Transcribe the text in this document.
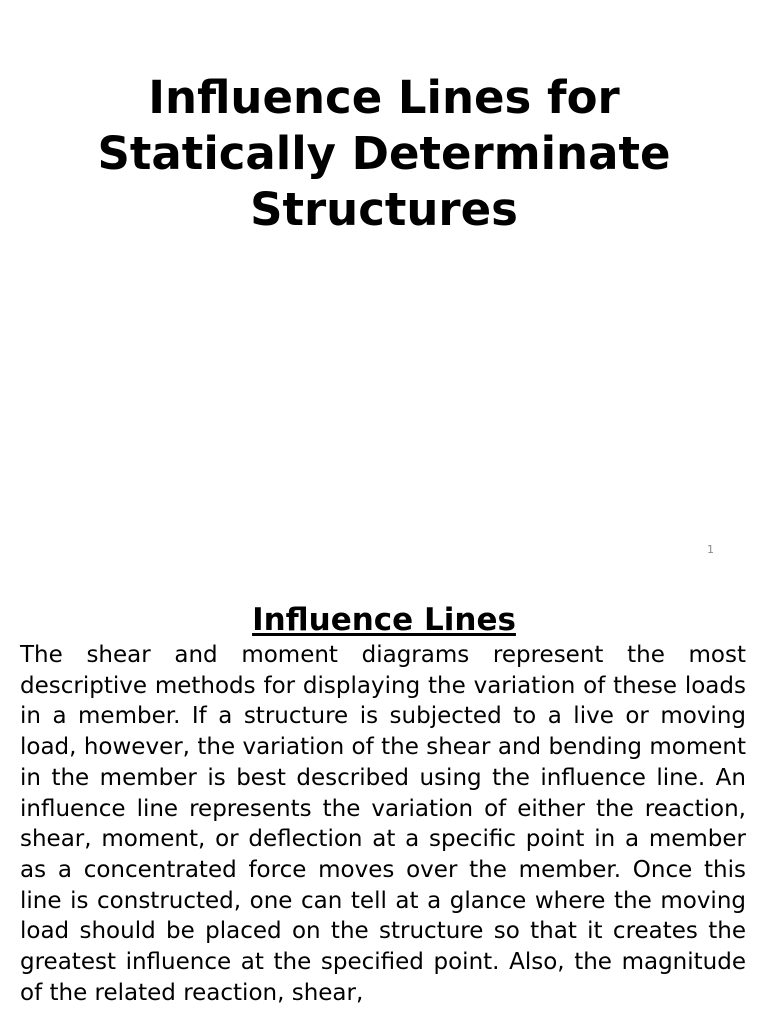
Influence Lines for Statically Determinate Structures
1
Influence Lines

The shear and moment diagrams represent the most descriptive methods for displaying the variation of these loads in a member. If a structure is subjected to a live or moving load, however, the variation of the shear and bending moment in the member is best described using the influence line. An influence line represents the variation of either the reaction, shear, moment, or deflection at a specific point in a member as a concentrated force moves over the member. Once this line is constructed, one can tell at a glance where the moving load should be placed on the structure so that it creates the greatest influence at the specified point. Also, the magnitude of the related reaction, shear,
